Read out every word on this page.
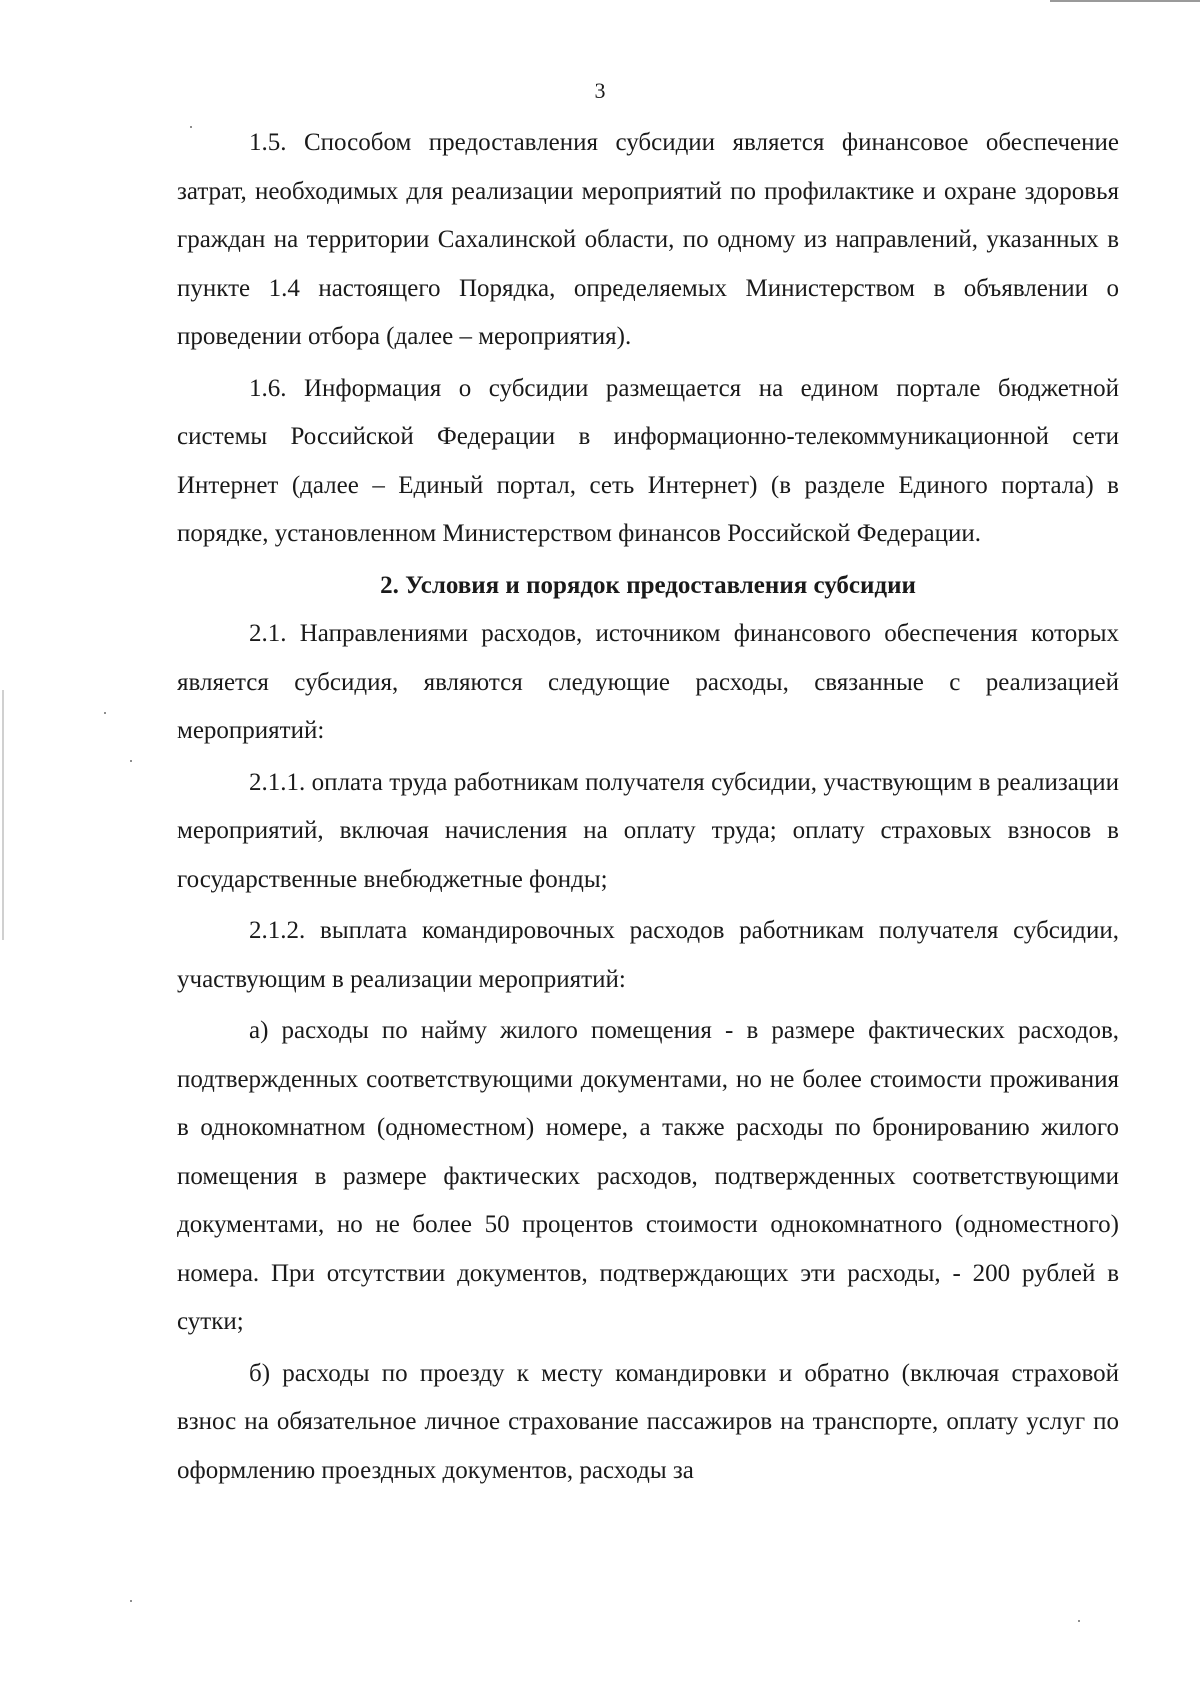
3

1.5. Способом предоставления субсидии является финансовое обеспечение затрат, необходимых для реализации мероприятий по профилактике и охране здоровья граждан на территории Сахалинской области, по одному из направлений, указанных в пункте 1.4 настоящего Порядка, определяемых Министерством в объявлении о проведении отбора (далее – мероприятия).

1.6. Информация о субсидии размещается на едином портале бюджетной системы Российской Федерации в информационно-телекоммуникационной сети Интернет (далее – Единый портал, сеть Интернет) (в разделе Единого портала) в порядке, установленном Министерством финансов Российской Федерации.

2. Условия и порядок предоставления субсидии

2.1. Направлениями расходов, источником финансового обеспечения которых является субсидия, являются следующие расходы, связанные с реализацией мероприятий:

2.1.1. оплата труда работникам получателя субсидии, участвующим в реализации мероприятий, включая начисления на оплату труда; оплату страховых взносов в государственные внебюджетные фонды;

2.1.2. выплата командировочных расходов работникам получателя субсидии, участвующим в реализации мероприятий:

а) расходы по найму жилого помещения - в размере фактических расходов, подтвержденных соответствующими документами, но не более стоимости проживания в однокомнатном (одноместном) номере, а также расходы по бронированию жилого помещения в размере фактических расходов, подтвержденных соответствующими документами, но не более 50 процентов стоимости однокомнатного (одноместного) номера. При отсутствии документов, подтверждающих эти расходы, - 200 рублей в сутки;

б) расходы по проезду к месту командировки и обратно (включая страховой взнос на обязательное личное страхование пассажиров на транспорте, оплату услуг по оформлению проездных документов, расходы за
